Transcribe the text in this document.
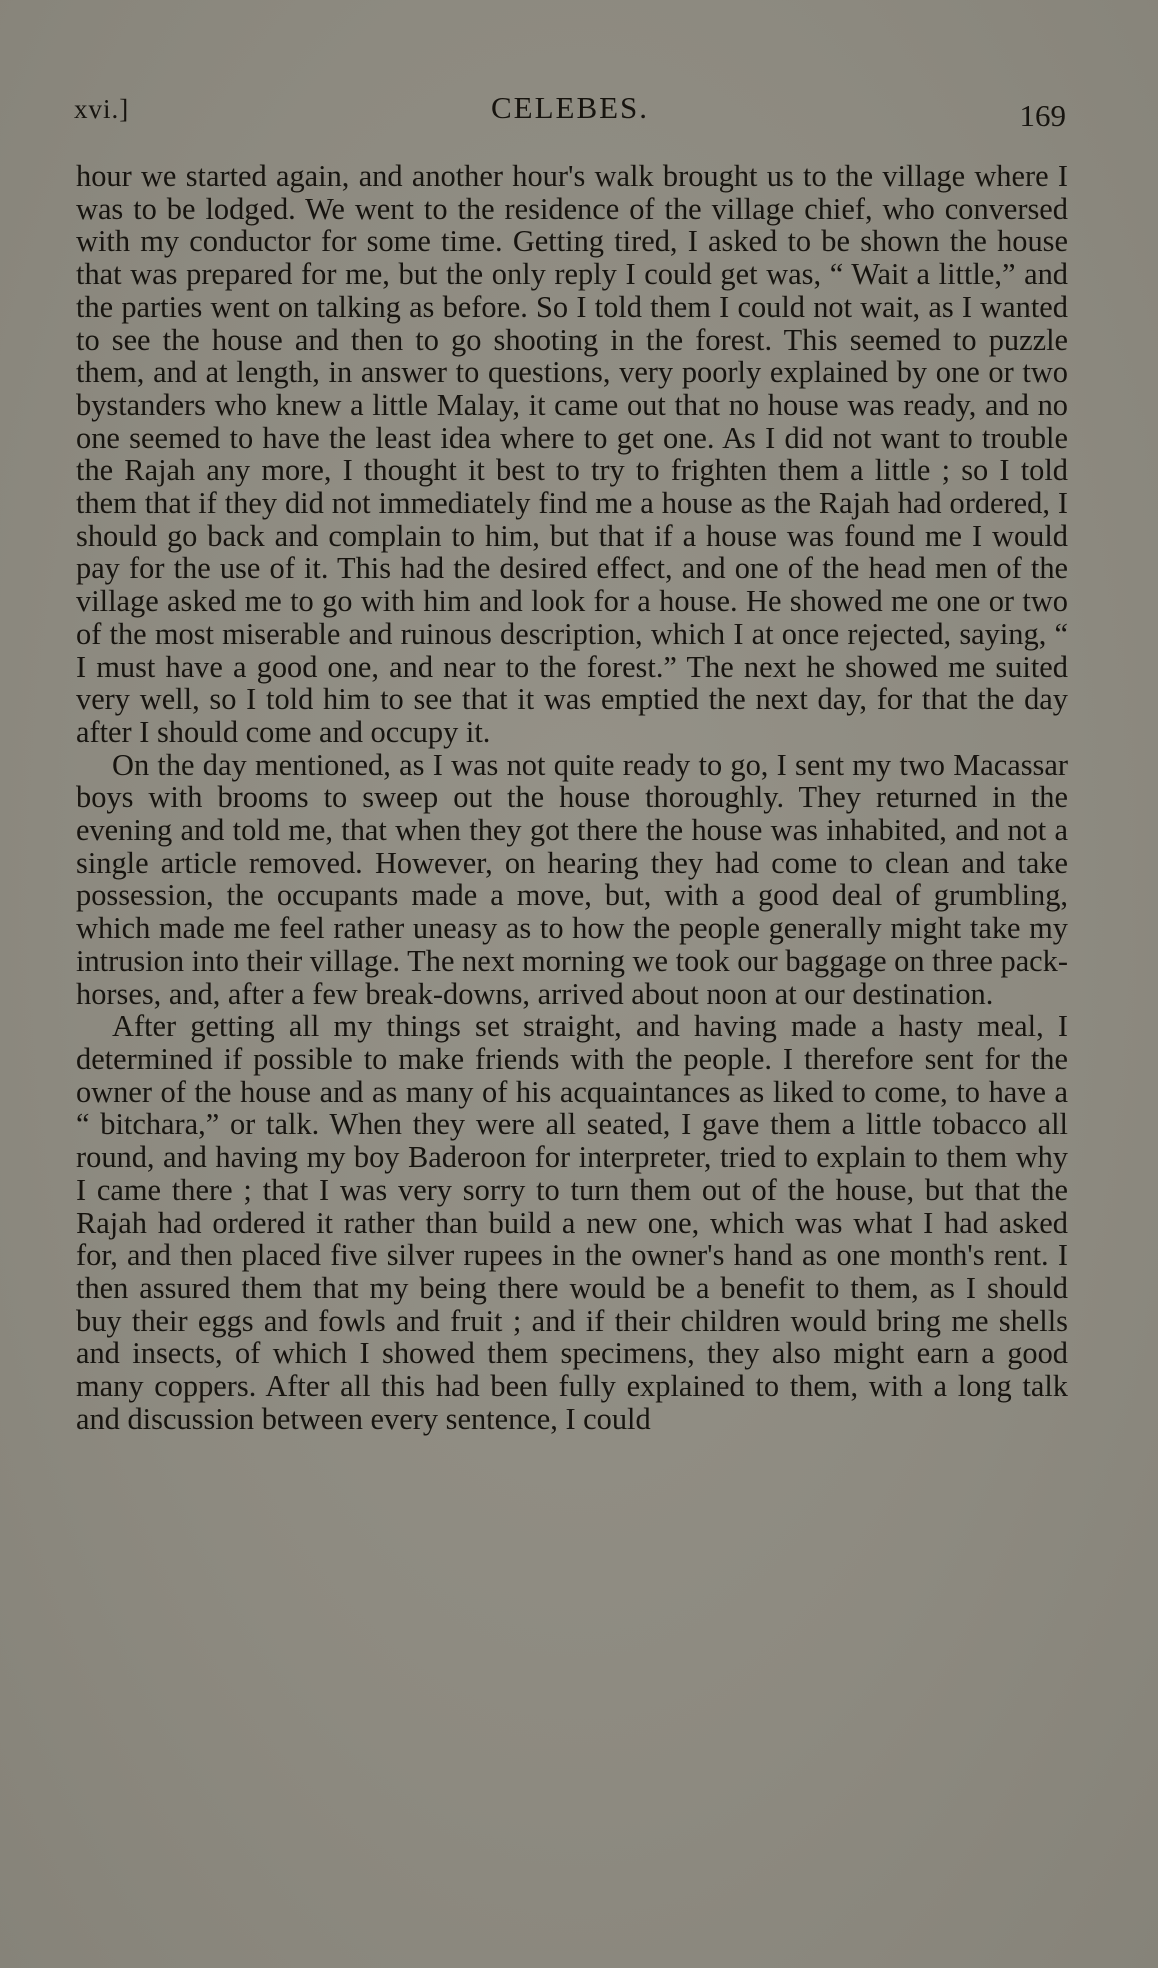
xvi.]	CELEBES.	169

hour we started again, and another hour's walk brought us to the village where I was to be lodged. We went to the residence of the village chief, who conversed with my conductor for some time. Getting tired, I asked to be shown the house that was prepared for me, but the only reply I could get was, “ Wait a little,” and the parties went on talking as before. So I told them I could not wait, as I wanted to see the house and then to go shooting in the forest. This seemed to puzzle them, and at length, in answer to questions, very poorly explained by one or two bystanders who knew a little Malay, it came out that no house was ready, and no one seemed to have the least idea where to get one. As I did not want to trouble the Rajah any more, I thought it best to try to frighten them a little ; so I told them that if they did not immediately find me a house as the Rajah had ordered, I should go back and complain to him, but that if a house was found me I would pay for the use of it. This had the desired effect, and one of the head men of the village asked me to go with him and look for a house. He showed me one or two of the most miserable and ruinous description, which I at once rejected, saying, “ I must have a good one, and near to the forest.” The next he showed me suited very well, so I told him to see that it was emptied the next day, for that the day after I should come and occupy it.

On the day mentioned, as I was not quite ready to go, I sent my two Macassar boys with brooms to sweep out the house thoroughly. They returned in the evening and told me, that when they got there the house was inhabited, and not a single article removed. However, on hearing they had come to clean and take possession, the occupants made a move, but, with a good deal of grumbling, which made me feel rather uneasy as to how the people generally might take my intrusion into their village. The next morning we took our baggage on three pack-horses, and, after a few break-downs, arrived about noon at our destination.

After getting all my things set straight, and having made a hasty meal, I determined if possible to make friends with the people. I therefore sent for the owner of the house and as many of his acquaintances as liked to come, to have a “ bitchara,” or talk. When they were all seated, I gave them a little tobacco all round, and having my boy Baderoon for interpreter, tried to explain to them why I came there ; that I was very sorry to turn them out of the house, but that the Rajah had ordered it rather than build a new one, which was what I had asked for, and then placed five silver rupees in the owner's hand as one month's rent. I then assured them that my being there would be a benefit to them, as I should buy their eggs and fowls and fruit ; and if their children would bring me shells and insects, of which I showed them specimens, they also might earn a good many coppers. After all this had been fully explained to them, with a long talk and discussion between every sentence, I could
